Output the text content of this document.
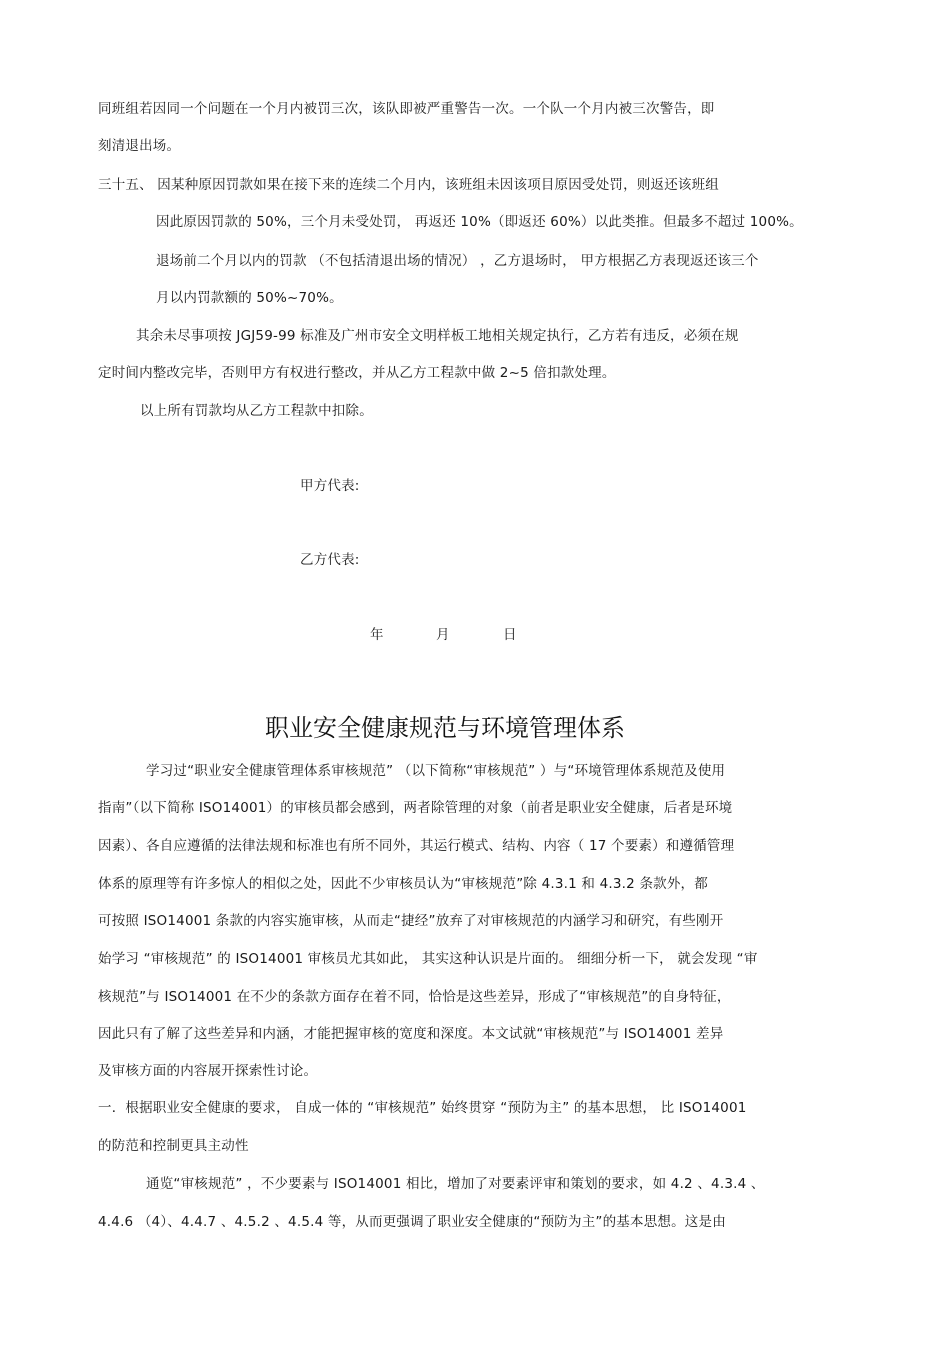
同班组若因同一个问题在一个月内被罚三次，该队即被严重警告一次。一个队一个月内被三次警告，即
刻清退出场。
三十五、 因某种原因罚款如果在接下来的连续二个月内，该班组未因该项目原因受处罚，则返还该班组
因此原因罚款的 50%，三个月未受处罚， 再返还 10%（即返还 60%）以此类推。但最多不超过 100%。
退场前二个月以内的罚款 （不包括清退出场的情况） ，乙方退场时， 甲方根据乙方表现返还该三个
月以内罚款额的 50%~70%。
其余未尽事项按 JGJ59-99 标准及广州市安全文明样板工地相关规定执行，乙方若有违反，必须在规
定时间内整改完毕，否则甲方有权进行整改，并从乙方工程款中做 2~5 倍扣款处理。
以上所有罚款均从乙方工程款中扣除。
甲方代表:
乙方代表:
年	月	日
职业安全健康规范与环境管理体系
学习过“职业安全健康管理体系审核规范” （以下简称“审核规范” ）与“环境管理体系规范及使用
指南”（以下简称 ISO14001）的审核员都会感到，两者除管理的对象（前者是职业安全健康，后者是环境
因素）、各自应遵循的法律法规和标准也有所不同外，其运行模式、结构、内容（ 17 个要素）和遵循管理
体系的原理等有许多惊人的相似之处，因此不少审核员认为“审核规范”除 4.3.1 和 4.3.2 条款外，都
可按照 ISO14001 条款的内容实施审核，从而走“捷经”放弃了对审核规范的内涵学习和研究，有些刚开
始学习 “审核规范” 的 ISO14001 审核员尤其如此， 其实这种认识是片面的。 细细分析一下， 就会发现 “审
核规范”与 ISO14001 在不少的条款方面存在着不同，恰恰是这些差异，形成了“审核规范”的自身特征，
因此只有了解了这些差异和内涵，才能把握审核的宽度和深度。本文试就“审核规范”与 ISO14001 差异
及审核方面的内容展开探索性讨论。
一．根据职业安全健康的要求， 自成一体的 “审核规范” 始终贯穿 “预防为主” 的基本思想， 比 ISO14001
的防范和控制更具主动性
通览“审核规范” ，不少要素与 ISO14001 相比，增加了对要素评审和策划的要求，如 4.2 、4.3.4 、
4.4.6 （4）、4.4.7 、4.5.2 、4.5.4 等，从而更强调了职业安全健康的“预防为主”的基本思想。这是由
